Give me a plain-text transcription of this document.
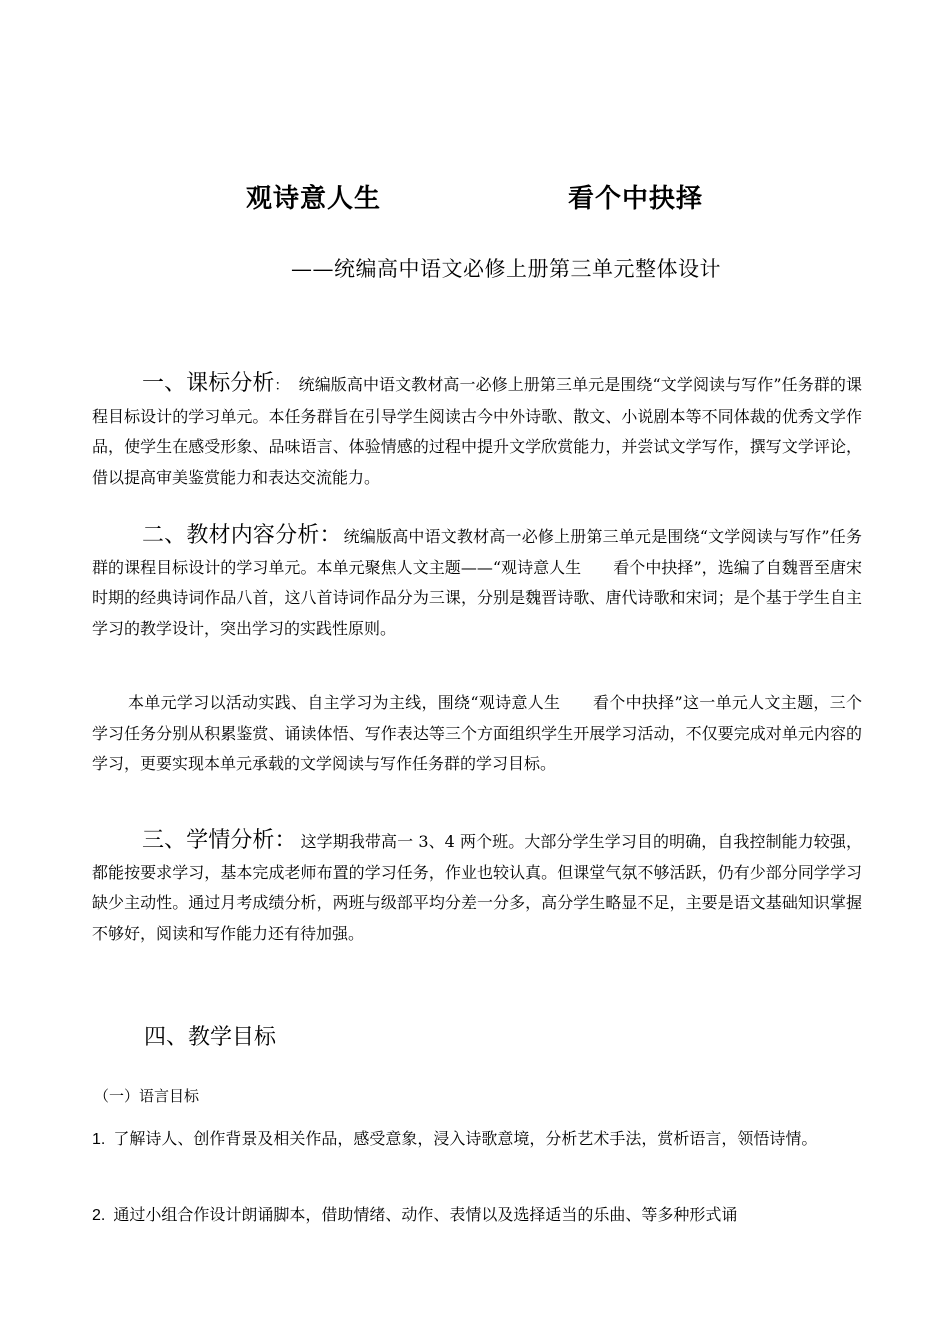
观诗意人生	看个中抉择
——统编高中语文必修上册第三单元整体设计

一、课标分析： 统编版高中语文教材高一必修上册第三单元是围绕“文学阅读与写作”任务群的课程目标设计的学习单元。本任务群旨在引导学生阅读古今中外诗歌、散文、小说剧本等不同体裁的优秀文学作品，使学生在感受形象、品味语言、体验情感的过程中提升文学欣赏能力，并尝试文学写作，撰写文学评论，借以提高审美鉴赏能力和表达交流能力。

二、教材内容分析： 统编版高中语文教材高一必修上册第三单元是围绕“文学阅读与写作”任务群的课程目标设计的学习单元。本单元聚焦人文主题——“观诗意人生　　看个中抉择”，选编了自魏晋至唐宋时期的经典诗词作品八首，这八首诗词作品分为三课，分别是魏晋诗歌、唐代诗歌和宋词；是个基于学生自主学习的教学设计，突出学习的实践性原则。

本单元学习以活动实践、自主学习为主线，围绕“观诗意人生　　看个中抉择”这一单元人文主题，三个学习任务分别从积累鉴赏、诵读体悟、写作表达等三个方面组织学生开展学习活动，不仅要完成对单元内容的学习，更要实现本单元承载的文学阅读与写作任务群的学习目标。

三、学情分析： 这学期我带高一 3、4 两个班。大部分学生学习目的明确，自我控制能力较强，都能按要求学习，基本完成老师布置的学习任务，作业也较认真。但课堂气氛不够活跃，仍有少部分同学学习缺少主动性。通过月考成绩分析，两班与级部平均分差一分多，高分学生略显不足，主要是语文基础知识掌握不够好，阅读和写作能力还有待加强。

四、教学目标
（一）语言目标
1. 了解诗人、创作背景及相关作品，感受意象，浸入诗歌意境，分析艺术手法，赏析语言，领悟诗情。
2. 通过小组合作设计朗诵脚本，借助情绪、动作、表情以及选择适当的乐曲、等多种形式诵
